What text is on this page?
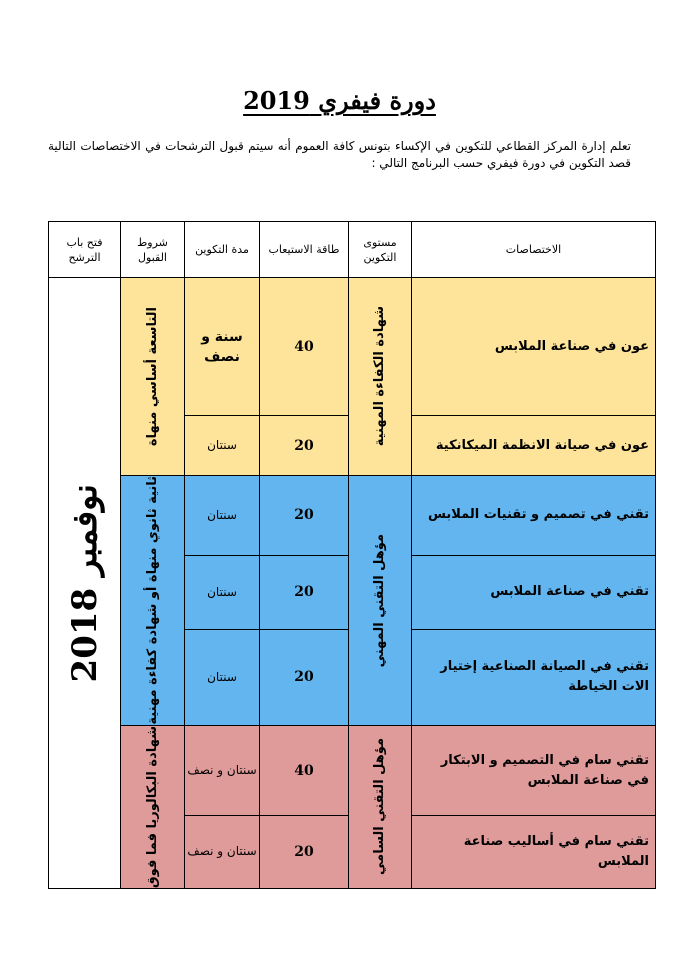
دورة فيفري 2019
تعلم إدارة المركز القطاعي للتكوين في الإكساء بتونس كافة العموم أنه سيتم قبول الترشحات في الاختصاصات التالية قصد التكوين في دورة فيفري حسب البرنامج التالي :
الاختصاصات	مستوى التكوين	طاقة الاستيعاب	مدة التكوين	شروط القبول	فتح باب الترشح
عون في صناعة الملابس	شهادة الكفاءة المهنية	40	سنة و نصف	التاسعة أساسي منهاة	نوفمبر 2018

عون في صيانة الانظمة الميكانكية		20	سنتان		
تقني في تصميم و تقنيات الملابس	مؤهل التقني المهني	20	سنتان	ثانية ثانوي منهاة أو شهادة كفاءة مهنية	

تقني في صناعة الملابس		20	سنتان		
تقني في الصيانة الصناعية إختيار الات الخياطة		20	سنتان		
تقني سام في التصميم و الابتكار في صناعة الملابس	مؤهل التقني السامي	40	سنتان و نصف	شهادة البكالوريا فما فوق	

تقني سام في أساليب صناعة الملابس		20	سنتان و نصف		
